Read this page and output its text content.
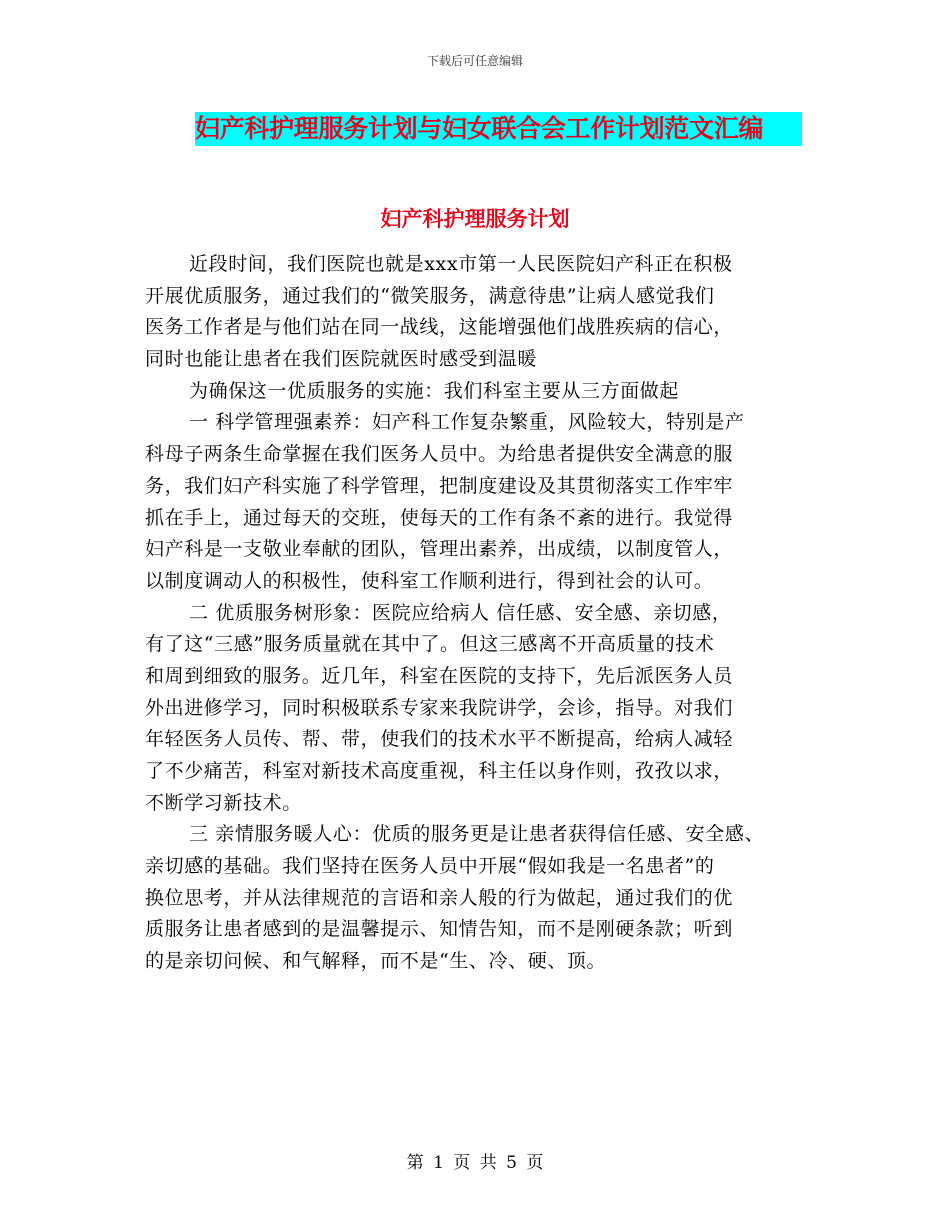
下载后可任意编辑
妇产科护理服务计划与妇女联合会工作计划范文汇编
妇产科护理服务计划
近段时间，我们医院也就是xxx市第一人民医院妇产科正在积极
开展优质服务，通过我们的“微笑服务，满意待患”让病人感觉我们
医务工作者是与他们站在同一战线，这能增强他们战胜疾病的信心，
同时也能让患者在我们医院就医时感受到温暖
为确保这一优质服务的实施：我们科室主要从三方面做起
一 科学管理强素养：妇产科工作复杂繁重，风险较大，特别是产
科母子两条生命掌握在我们医务人员中。为给患者提供安全满意的服
务，我们妇产科实施了科学管理，把制度建设及其贯彻落实工作牢牢
抓在手上，通过每天的交班，使每天的工作有条不紊的进行。我觉得
妇产科是一支敬业奉献的团队，管理出素养，出成绩，以制度管人，
以制度调动人的积极性，使科室工作顺利进行，得到社会的认可。
二 优质服务树形象：医院应给病人 信任感、安全感、亲切感，
有了这“三感”服务质量就在其中了。但这三感离不开高质量的技术
和周到细致的服务。近几年，科室在医院的支持下，先后派医务人员
外出进修学习，同时积极联系专家来我院讲学，会诊，指导。对我们
年轻医务人员传、帮、带，使我们的技术水平不断提高，给病人减轻
了不少痛苦，科室对新技术高度重视，科主任以身作则，孜孜以求，
不断学习新技术。
三 亲情服务暖人心：优质的服务更是让患者获得信任感、安全感、
亲切感的基础。我们坚持在医务人员中开展“假如我是一名患者”的
换位思考，并从法律规范的言语和亲人般的行为做起，通过我们的优
质服务让患者感到的是温馨提示、知情告知，而不是刚硬条款；听到
的是亲切问候、和气解释，而不是“生、冷、硬、顶。
第 1 页 共 5 页
